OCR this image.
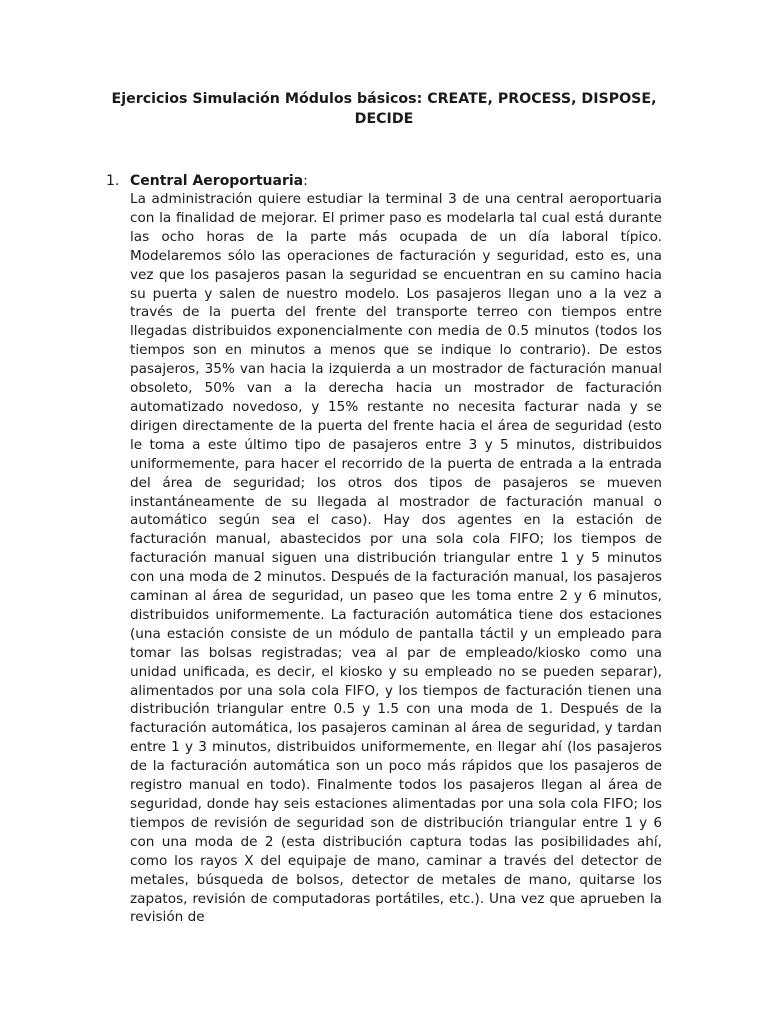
Ejercicios Simulación Módulos básicos: CREATE, PROCESS, DISPOSE, DECIDE
1. Central Aeroportuaria:

La administración quiere estudiar la terminal 3 de una central aeroportuaria con la finalidad de mejorar. El primer paso es modelarla tal cual está durante las ocho horas de la parte más ocupada de un día laboral típico. Modelaremos sólo las operaciones de facturación y seguridad, esto es, una vez que los pasajeros pasan la seguridad se encuentran en su camino hacia su puerta y salen de nuestro modelo. Los pasajeros llegan uno a la vez a través de la puerta del frente del transporte terreo con tiempos entre llegadas distribuidos exponencialmente con media de 0.5 minutos (todos los tiempos son en minutos a menos que se indique lo contrario). De estos pasajeros, 35% van hacia la izquierda a un mostrador de facturación manual obsoleto, 50% van a la derecha hacia un mostrador de facturación automatizado novedoso, y 15% restante no necesita facturar nada y se dirigen directamente de la puerta del frente hacia el área de seguridad (esto le toma a este último tipo de pasajeros entre 3 y 5 minutos, distribuidos uniformemente, para hacer el recorrido de la puerta de entrada a la entrada del área de seguridad; los otros dos tipos de pasajeros se mueven instantáneamente de su llegada al mostrador de facturación manual o automático según sea el caso). Hay dos agentes en la estación de facturación manual, abastecidos por una sola cola FIFO; los tiempos de facturación manual siguen una distribución triangular entre 1 y 5 minutos con una moda de 2 minutos. Después de la facturación manual, los pasajeros caminan al área de seguridad, un paseo que les toma entre 2 y 6 minutos, distribuidos uniformemente. La facturación automática tiene dos estaciones (una estación consiste de un módulo de pantalla táctil y un empleado para tomar las bolsas registradas; vea al par de empleado/kiosko como una unidad unificada, es decir, el kiosko y su empleado no se pueden separar), alimentados por una sola cola FIFO, y los tiempos de facturación tienen una distribución triangular entre 0.5 y 1.5 con una moda de 1. Después de la facturación automática, los pasajeros caminan al área de seguridad, y tardan entre 1 y 3 minutos, distribuidos uniformemente, en llegar ahí (los pasajeros de la facturación automática son un poco más rápidos que los pasajeros de registro manual en todo). Finalmente todos los pasajeros llegan al área de seguridad, donde hay seis estaciones alimentadas por una sola cola FIFO; los tiempos de revisión de seguridad son de distribución triangular entre 1 y 6 con una moda de 2 (esta distribución captura todas las posibilidades ahí, como los rayos X del equipaje de mano, caminar a través del detector de metales, búsqueda de bolsos, detector de metales de mano, quitarse los zapatos, revisión de computadoras portátiles, etc.). Una vez que aprueben la revisión de
